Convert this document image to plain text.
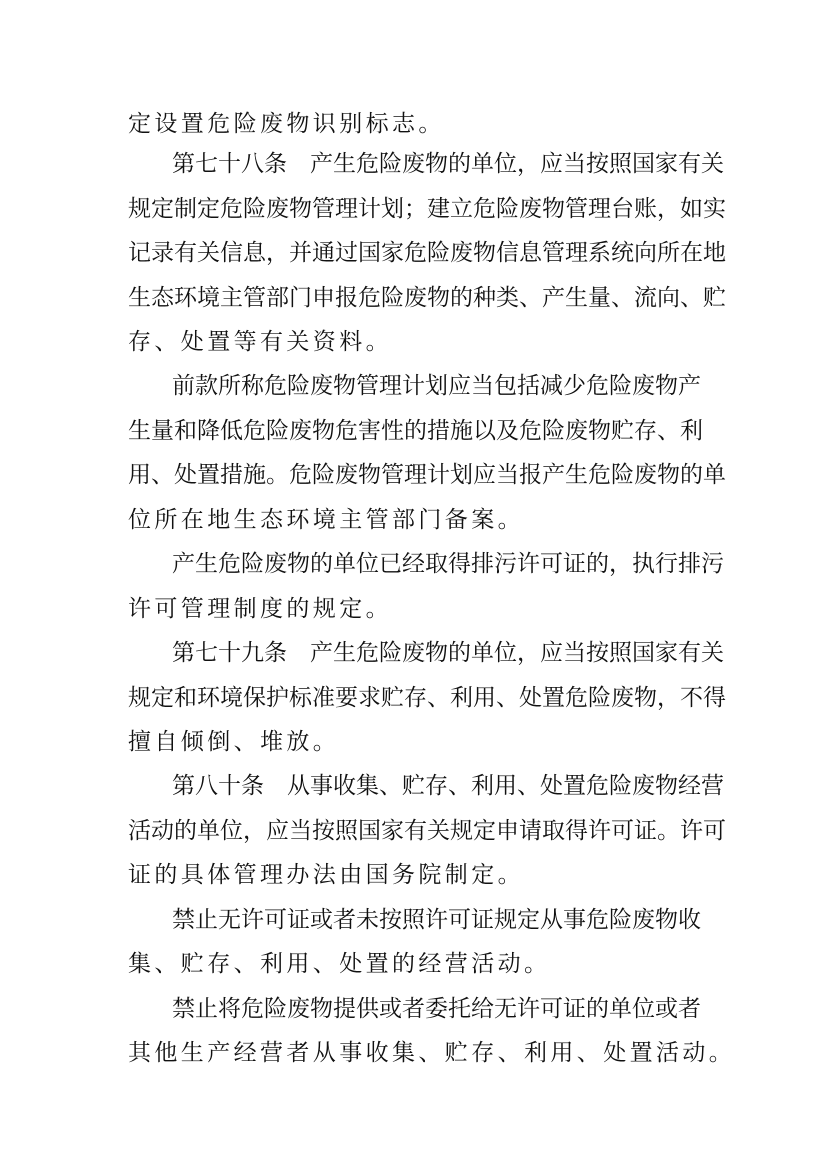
定设置危险废物识别标志。
第七十八条　产生危险废物的单位，应当按照国家有关
规定制定危险废物管理计划；建立危险废物管理台账，如实
记录有关信息，并通过国家危险废物信息管理系统向所在地
生态环境主管部门申报危险废物的种类、产生量、流向、贮
存、处置等有关资料。
前款所称危险废物管理计划应当包括减少危险废物产
生量和降低危险废物危害性的措施以及危险废物贮存、利
用、处置措施。危险废物管理计划应当报产生危险废物的单
位所在地生态环境主管部门备案。
产生危险废物的单位已经取得排污许可证的，执行排污
许可管理制度的规定。
第七十九条　产生危险废物的单位，应当按照国家有关
规定和环境保护标准要求贮存、利用、处置危险废物，不得
擅自倾倒、堆放。
第八十条　从事收集、贮存、利用、处置危险废物经营
活动的单位，应当按照国家有关规定申请取得许可证。许可
证的具体管理办法由国务院制定。
禁止无许可证或者未按照许可证规定从事危险废物收
集、贮存、利用、处置的经营活动。
禁止将危险废物提供或者委托给无许可证的单位或者
其他生产经营者从事收集、贮存、利用、处置活动。
